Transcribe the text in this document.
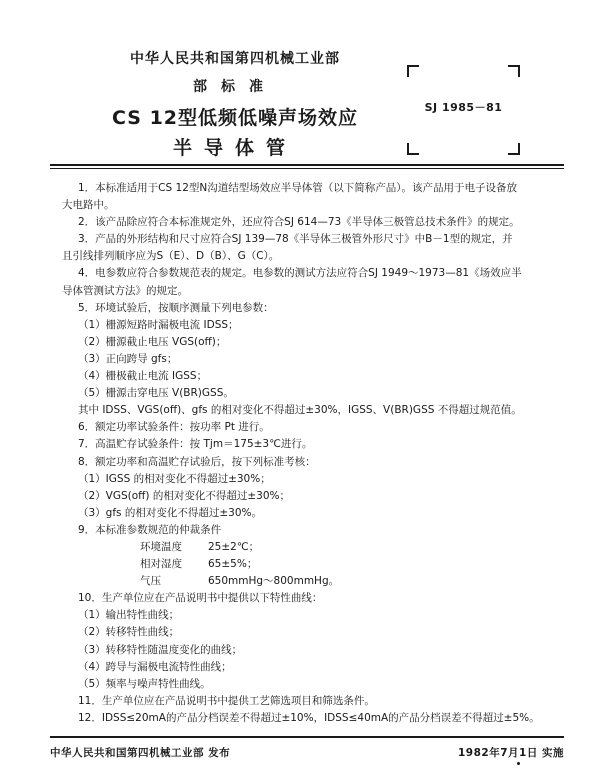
中华人民共和国第四机械工业部
部标准
CS 12型低频低噪声场效应
半导体管
SJ 1985－81
1．本标准适用于CS 12型N沟道结型场效应半导体管（以下简称产品）。该产品用于电子设备放
大电路中。
2．该产品除应符合本标准规定外，还应符合SJ 614—73《半导体三极管总技术条件》的规定。
3．产品的外形结构和尺寸应符合SJ 139—78《半导体三极管外形尺寸》中B－1型的规定，并
且引线排列顺序应为S（E）、D（B）、G（C）。
4．电参数应符合参数规范表的规定。电参数的测试方法应符合SJ 1949～1973—81《场效应半
导体管测试方法》的规定。
5．环境试验后，按顺序测量下列电参数：
（1）栅源短路时漏极电流 IDSS；
（2）栅源截止电压 VGS(off)；
（3）正向跨导 gfs；
（4）栅极截止电流 IGSS；
（5）栅源击穿电压 V(BR)GSS。
其中 IDSS、VGS(off)、gfs 的相对变化不得超过±30%，IGSS、V(BR)GSS 不得超过规范值。
6．额定功率试验条件：按功率 Pt 进行。
7．高温贮存试验条件：按 Tjm＝175±3℃进行。
8．额定功率和高温贮存试验后，按下列标准考核：
（1）IGSS 的相对变化不得超过±30%；
（2）VGS(off) 的相对变化不得超过±30%；
（3）gfs 的相对变化不得超过±30%。
9．本标准参数规范的仲裁条件
环境温度 25±2℃；
相对湿度 65±5%；
气压	650mmHg～800mmHg。
10．生产单位应在产品说明书中提供以下特性曲线：
（1）输出特性曲线；
（2）转移特性曲线；
（3）转移特性随温度变化的曲线；
（4）跨导与漏极电流特性曲线；
（5）频率与噪声特性曲线。
11．生产单位应在产品说明书中提供工艺筛选项目和筛选条件。
12．IDSS≤20mA的产品分档误差不得超过±10%，IDSS≤40mA的产品分档误差不得超过±5%。
中华人民共和国第四机械工业部 发布	1982年7月1日 实施
